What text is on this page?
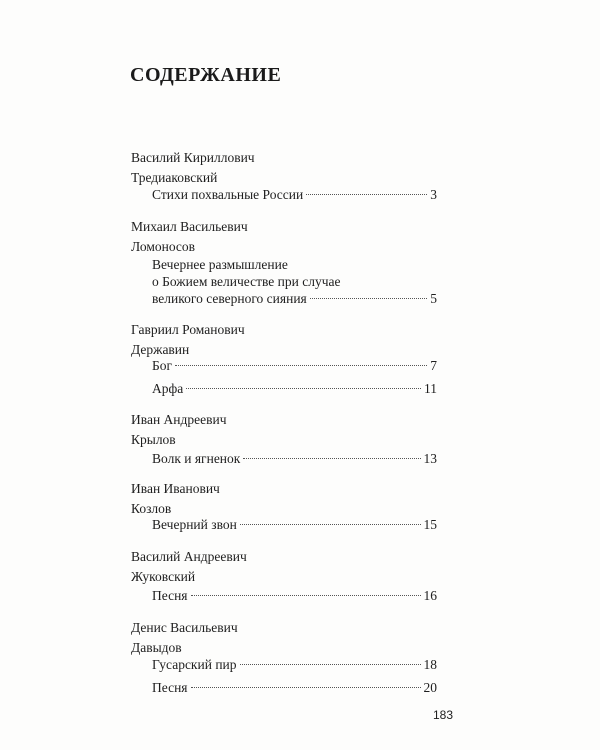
СОДЕРЖАНИЕ
Василий Кириллович
Тредиаковский
Стихи похвальные России	3
Михаил Васильевич
Ломоносов
Вечернее размышление
о Божием величестве при случае
великого северного сияния	5
Гавриил Романович
Державин
Бог	7
Арфа	11
Иван Андреевич
Крылов
Волк и ягненок	13
Иван Иванович
Козлов
Вечерний звон	15
Василий Андреевич
Жуковский
Песня	16
Денис Васильевич
Давыдов
Гусарский пир	18
Песня	20
183
